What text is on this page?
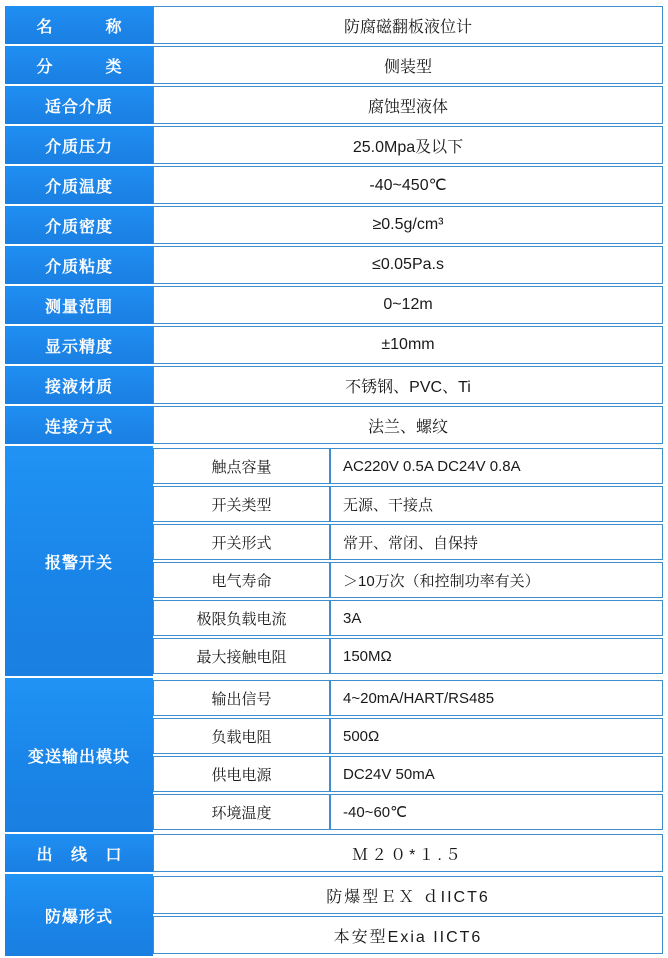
名　　称	防腐磁翻板液位计
分　　类	侧装型
适合介质	腐蚀型液体
介质压力	25.0Mpa及以下
介质温度	-40~450℃
介质密度	≥0.5g/cm³
介质粘度	≤0.05Pa.s
测量范围	0~12m
显示精度	±10mm
接液材质	不锈钢、PVC、Ti
连接方式	法兰、螺纹
报警开关	
触点容量	AC220V 0.5A DC24V 0.8A
开关类型	无源、干接点
开关形式	常开、常闭、自保持
电气寿命	＞10万次（和控制功率有关）
极限负载电流	3A
最大接触电阻	150MΩ

变送输出模块	
输出信号	4~20mA/HART/RS485
负载电阻	500Ω
供电电源	DC24V 50mA
环境温度	-40~60℃

出 线 口	Ｍ２０*１.５
防爆形式	
防爆型ＥＸ ｄIICT6
本安型Exia IICT6
